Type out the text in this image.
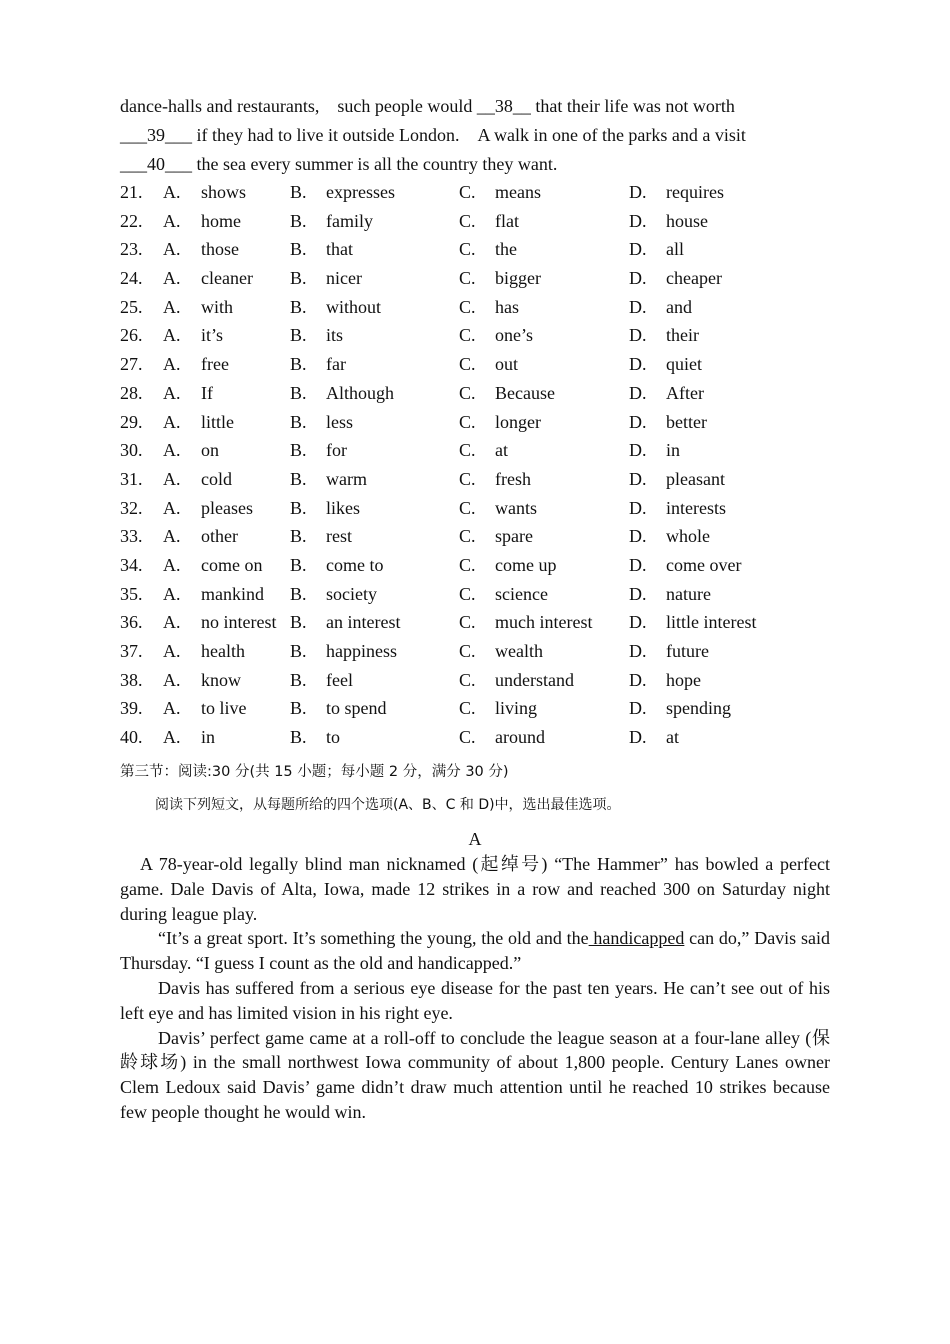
dance-halls and restaurants,　such people would __38__ that their life was not worth
___39___ if they had to live it outside London.　A walk in one of the parks and a visit
___40___ the sea every summer is all the country they want.
21. A. shows B. expresses	C. means	D. requires
22. A. home	B. family	C. flat	D. house
23. A. those	B. that	C. the	D. all
24. A. cleaner B. nicer	C. bigger	D. cheaper
25. A. with	B. without	C. has	D. and
26. A. it’s	B. its	C. one’s	D. their
27. A. free	B. far	C. out	D. quiet
28. A. If	B. Although	C. Because	D. After
29. A. little	B. less	C. longer	D. better
30. A. on	B. for	C. at	D. in
31. A. cold	B. warm	C. fresh	D. pleasant
32. A. pleases B. likes	C. wants	D. interests
33. A. other	B. rest	C. spare	D. whole
34. A. come on B. come to	C. come up	D. come over
35. A. mankind B. society	C. science	D. nature
36. A. no interest B. an interest	C. much interest D. little interest
37. A. health	B. happiness	C. wealth	D. future
38. A. know	B. feel	C. understand	D. hope
39. A. to live B. to spend	C. living	D. spending
40. A. in	B. to	C. around	D. at
第三节：阅读:30 分(共 15 小题；每小题 2 分，满分 30 分)
阅读下列短文，从每题所给的四个选项(A、B、C 和 D)中，选出最佳选项。
A

A 78-year-old legally blind man nicknamed (起绰号) “The Hammer” has bowled a perfect game. Dale Davis of Alta, Iowa, made 12 strikes in a row and reached 300 on Saturday night during league play.

“It’s a great sport. It’s something the young, the old and the handicapped can do,” Davis said Thursday. “I guess I count as the old and handicapped.”

Davis has suffered from a serious eye disease for the past ten years. He can’t see out of his left eye and has limited vision in his right eye.

Davis’ perfect game came at a roll-off to conclude the league season at a four-lane alley (保龄球场) in the small northwest Iowa community of about 1,800 people. Century Lanes owner Clem Ledoux said Davis’ game didn’t draw much attention until he reached 10 strikes because few people thought he would win.
